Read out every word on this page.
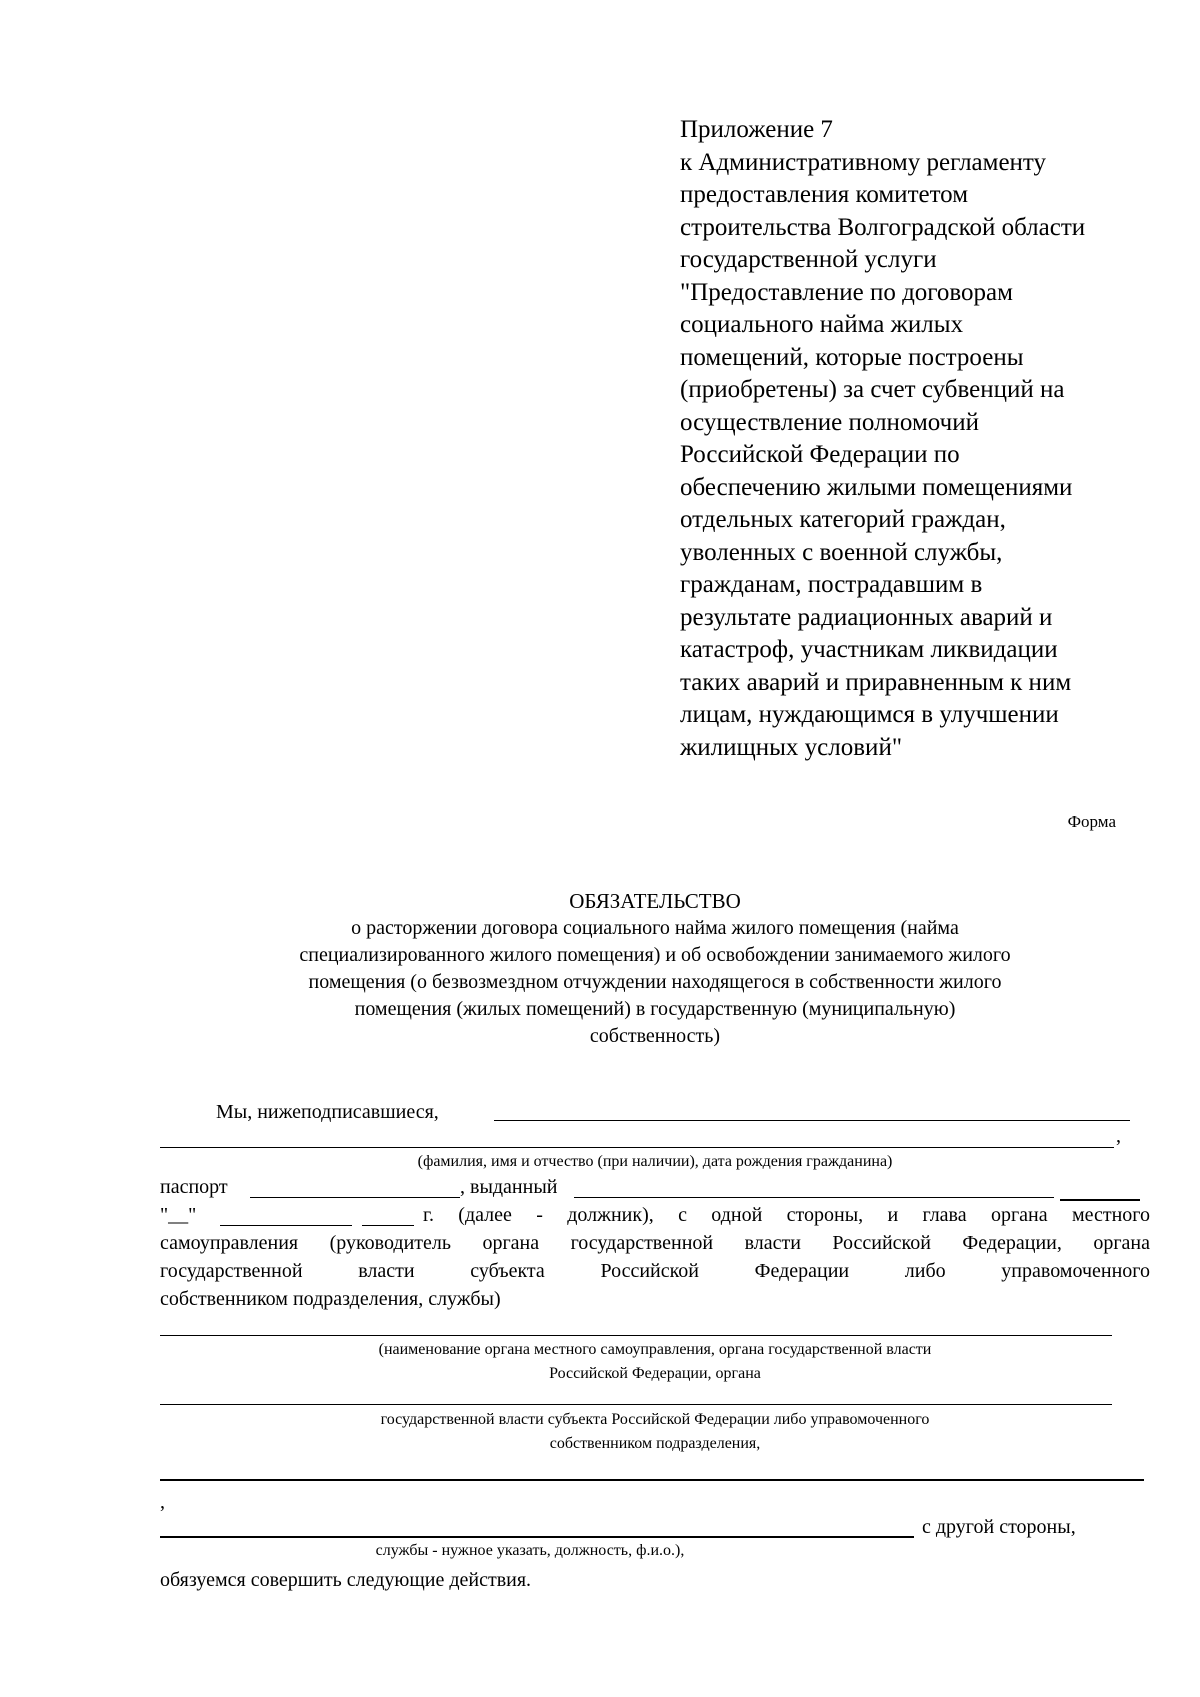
Приложение 7
к Административному регламенту
предоставления комитетом
строительства Волгоградской области
государственной услуги
"Предоставление по договорам
социального найма жилых
помещений, которые построены
(приобретены) за счет субвенций на
осуществление полномочий
Российской Федерации по
обеспечению жилыми помещениями
отдельных категорий граждан,
уволенных с военной службы,
гражданам, пострадавшим в
результате радиационных аварий и
катастроф, участникам ликвидации
таких аварий и приравненным к ним
лицам, нуждающимся в улучшении
жилищных условий"
Форма
ОБЯЗАТЕЛЬСТВО
о расторжении договора социального найма жилого помещения (найма
специализированного жилого помещения) и об освобождении занимаемого жилого
помещения (о безвозмездном отчуждении находящегося в собственности жилого
помещения (жилых помещений) в государственную (муниципальную)
собственность)
Мы, нижеподписавшиеся,
,
(фамилия, имя и отчество (при наличии), дата рождения гражданина)
паспорт	, выданный
"__"	г. (далее - должник), с одной стороны, и глава органа местного
самоуправления (руководитель органа государственной власти Российской Федерации, органа
государственной власти субъекта Российской Федерации либо управомоченного
собственником подразделения, службы)
(наименование органа местного самоуправления, органа государственной власти
Российской Федерации, органа
государственной власти субъекта Российской Федерации либо управомоченного
собственником подразделения,
,
с другой стороны,
службы - нужное указать, должность, ф.и.о.),
обязуемся совершить следующие действия.
